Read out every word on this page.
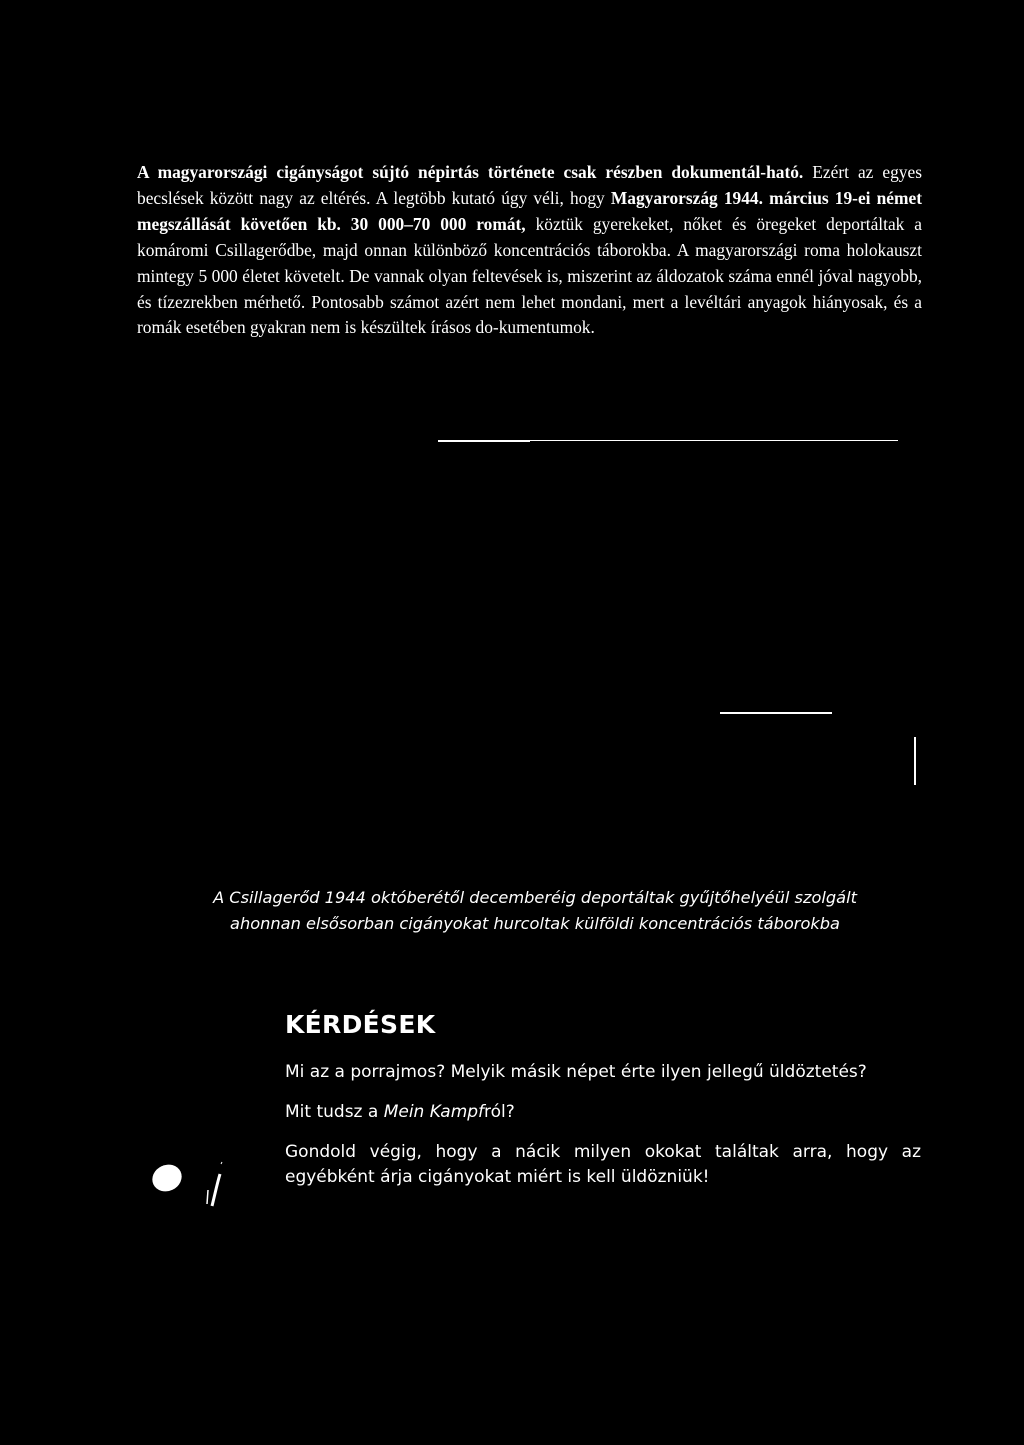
A magyarországi cigányságot sújtó népirtás története csak részben dokumentál-ható. Ezért az egyes becslések között nagy az eltérés. A legtöbb kutató úgy véli, hogy Magyarország 1944. március 19-ei német megszállását követően kb. 30 000–70 000 romát, köztük gyerekeket, nőket és öregeket deportáltak a komáromi Csillagerődbe, majd onnan különböző koncentrációs táborokba. A magyarországi roma holokauszt mintegy 5 000 életet követelt. De vannak olyan feltevések is, miszerint az áldozatok száma ennél jóval nagyobb, és tízezrekben mérhető. Pontosabb számot azért nem lehet mondani, mert a levéltári anyagok hiányosak, és a romák esetében gyakran nem is készültek írásos do-kumentumok.

A Csillagerőd 1944 októberétől decemberéig deportáltak gyűjtőhelyéül szolgált
ahonnan elsősorban cigányokat hurcoltak külföldi koncentrációs táborokba

KÉRDÉSEK

Mi az a porrajmos? Melyik másik népet érte ilyen jellegű üldöztetés?

Mit tudsz a Mein Kampfról?

Gondold végig, hogy a nácik milyen okokat találtak arra, hogy az egyébként árja cigányokat miért is kell üldözniük!
